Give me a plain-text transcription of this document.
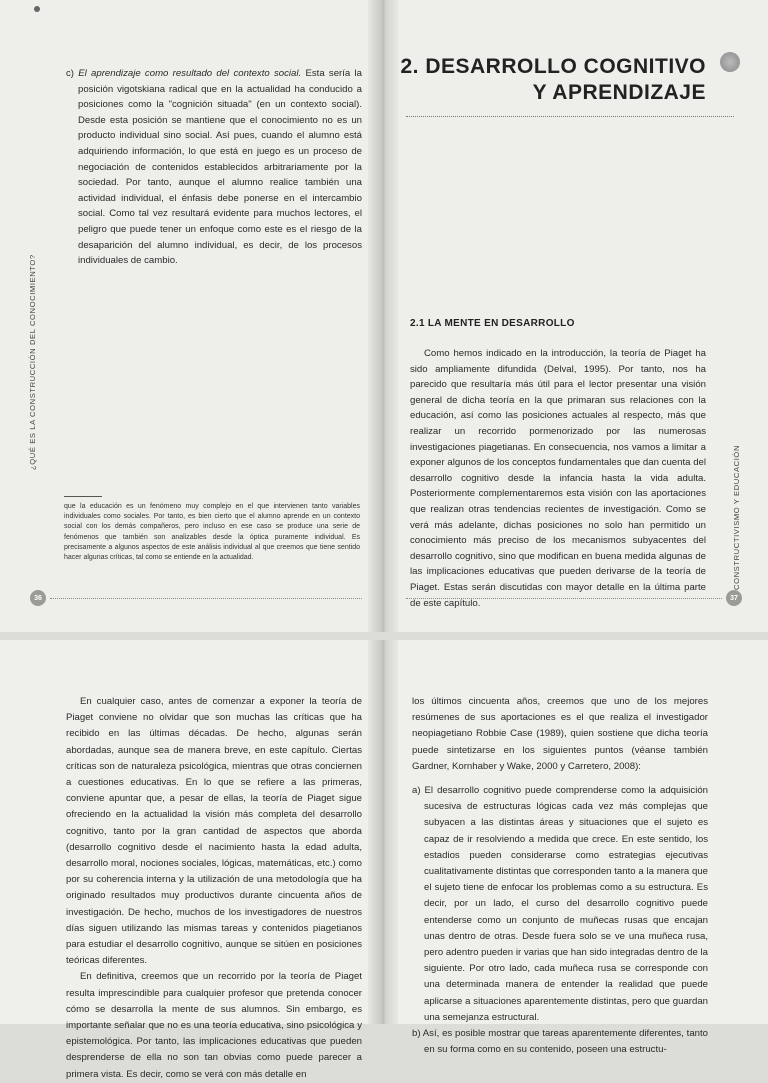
c) El aprendizaje como resultado del contexto social. Esta sería la posición vigotskiana radical que en la actualidad ha conducido a posiciones como la "cognición situada" (en un contexto social). Desde esta posición se mantiene que el conocimiento no es un producto individual sino social. Así pues, cuando el alumno está adquiriendo información, lo que está en juego es un proceso de negociación de contenidos establecidos arbitrariamente por la sociedad. Por tanto, aunque el alumno realice también una actividad individual, el énfasis debe ponerse en el intercambio social. Como tal vez resultará evidente para muchos lectores, el peligro que puede tener un enfoque como este es el riesgo de la desaparición del alumno individual, es decir, de los procesos individuales de cambio.

que la educación es un fenómeno muy complejo en el que intervienen tanto variables individuales como sociales. Por tanto, es bien cierto que el alumno aprende en un contexto social con los demás compañeros, pero incluso en ese caso se produce una serie de fenómenos que también son analizables desde la óptica puramente individual. Es precisamente a algunos aspectos de este análisis individual al que creemos que tiene sentido hacer algunas críticas, tal como se entiende en la actualidad.
¿QUÉ ES LA CONSTRUCCIÓN DEL CONOCIMIENTO?
36
2. DESARROLLO COGNITIVO
Y APRENDIZAJE
2.1 LA MENTE EN DESARROLLO

Como hemos indicado en la introducción, la teoría de Piaget ha sido ampliamente difundida (Delval, 1995). Por tanto, nos ha parecido que resultaría más útil para el lector presentar una visión general de dicha teoría en la que primaran sus relaciones con la educación, así como las posiciones actuales al respecto, más que realizar un recorrido pormenorizado por las numerosas investigaciones piagetianas. En consecuencia, nos vamos a limitar a exponer algunos de los conceptos fundamentales que dan cuenta del desarrollo cognitivo desde la infancia hasta la vida adulta. Posteriormente complementaremos esta visión con las aportaciones que realizan otras tendencias recientes de investigación. Como se verá más adelante, dichas posiciones no solo han permitido un conocimiento más preciso de los mecanismos subyacentes del desarrollo cognitivo, sino que modifican en buena medida algunas de las implicaciones educativas que pueden derivarse de la teoría de Piaget. Estas serán discutidas con mayor detalle en la última parte de este capítulo.

CONSTRUCTIVISMO Y EDUCACIÓN
37

En cualquier caso, antes de comenzar a exponer la teoría de Piaget conviene no olvidar que son muchas las críticas que ha recibido en las últimas décadas. De hecho, algunas serán abordadas, aunque sea de manera breve, en este capítulo. Ciertas críticas son de naturaleza psicológica, mientras que otras conciernen a cuestiones educativas. En lo que se refiere a las primeras, conviene apuntar que, a pesar de ellas, la teoría de Piaget sigue ofreciendo en la actualidad la visión más completa del desarrollo cognitivo, tanto por la gran cantidad de aspectos que aborda (desarrollo cognitivo desde el nacimiento hasta la edad adulta, desarrollo moral, nociones sociales, lógicas, matemáticas, etc.) como por su coherencia interna y la utilización de una metodología que ha originado resultados muy productivos durante cincuenta años de investigación. De hecho, muchos de los investigadores de nuestros días siguen utilizando las mismas tareas y contenidos piagetianos para estudiar el desarrollo cognitivo, aunque se sitúen en posiciones teóricas diferentes.

En definitiva, creemos que un recorrido por la teoría de Piaget resulta imprescindible para cualquier profesor que pretenda conocer cómo se desarrolla la mente de sus alumnos. Sin embargo, es importante señalar que no es una teoría educativa, sino psicológica y epistemológica. Por tanto, las implicaciones educativas que pueden desprenderse de ella no son tan obvias como puede parecer a primera vista. Es decir, como se verá con más detalle en

los últimos cincuenta años, creemos que uno de los mejores resúmenes de sus aportaciones es el que realiza el investigador neopiagetiano Robbie Case (1989), quien sostiene que dicha teoría puede sintetizarse en los siguientes puntos (véanse también Gardner, Kornhaber y Wake, 2000 y Carretero, 2008):

a) El desarrollo cognitivo puede comprenderse como la adquisición sucesiva de estructuras lógicas cada vez más complejas que subyacen a las distintas áreas y situaciones que el sujeto es capaz de ir resolviendo a medida que crece. En este sentido, los estadios pueden considerarse como estrategias ejecutivas cualitativamente distintas que corresponden tanto a la manera que el sujeto tiene de enfocar los problemas como a su estructura. Es decir, por un lado, el curso del desarrollo cognitivo puede entenderse como un conjunto de muñecas rusas que encajan unas dentro de otras. Desde fuera solo se ve una muñeca rusa, pero adentro pueden ir varias que han sido integradas dentro de la siguiente. Por otro lado, cada muñeca rusa se corresponde con una determinada manera de entender la realidad que puede aplicarse a situaciones aparentemente distintas, pero que guardan una semejanza estructural.

b) Así, es posible mostrar que tareas aparentemente diferentes, tanto en su forma como en su contenido, poseen una estructu-
